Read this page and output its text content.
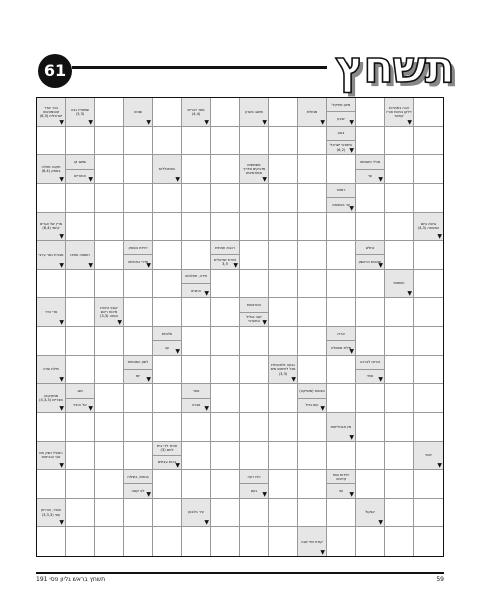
61	תשחץ
בכר שדר קוסמונאוט ישראלית (6,3)
▼
שמחדיו גבה (3,3)
▼
שוטה
▼
ספר דברים (4,4)
▼
מושב בשרון
▼
מנחלת
▼
מינון מוזיקלי
שיכון ▼
זוכה בתחרות דלקן בחוות אורז קחשר
▼
בוגע
עיתונאי ישראלי (6,2) ▼
תקנה מזולה בספק (6,4)
▼
שושנ קו
אחוריים ▼
המתכללות
▼
משמשים מדבקים מדריך סמורמאים
▼
מכלי השחמט
עד	▼
רמטוו
עד באוזומה ▼
מרץ של אגריס קיומי (8,4)
▼
גרסה ביום המנוחה (4,3)
▼
מגורת כפר ערבי
▼
חומצה אמינו
▼
יחידת הספק
חדרי באודמה
▼
רכבת תחתית
זמרת ישראלית 3,5 ▼
נחלש
תנופות הראשון
▼
חידה, תעלומה
התביא ▼
חוותוות
▼
פרי הדר
▼
קובץ זהויות מיכוח ראש הסנה (3,3)
▼
התרגשות
יעוב בגליל המערבי ▼
פלנוזת
עב	▼
אריה
מילת משאלה
▼
מילת שרה
▼
לשון הפטמות
יומ	▼
גבעה נלאכותית מגל לחיפוש מים (3,3)
▼
זכרונו לברכה
פחד ▼
ממקינגהו מצריים (4,3,3)
▼
מנג
אל הזבזי ▼
פאר
אברה ▼
בצונות (מוסיקה)
עופ גדול ▼
מין אבטליתות
▼
הפעיל נשק חם אבי הנביאות
▼
אותר לדי בית לחם (3)
בכות עבתים ▼
יונסי
▼
בגחות, בשלוה
לא קשה ▼
רוח רעה
כעס ▼
יחידות נסח קדומה
עני	▼
הוסר, הורחק עוני (3,3,3)
▼
עיר בלבנון
▼
אנקול
▼
קודח מדי שנה
▼
תשחץ בראש גליון פסי 191	59
